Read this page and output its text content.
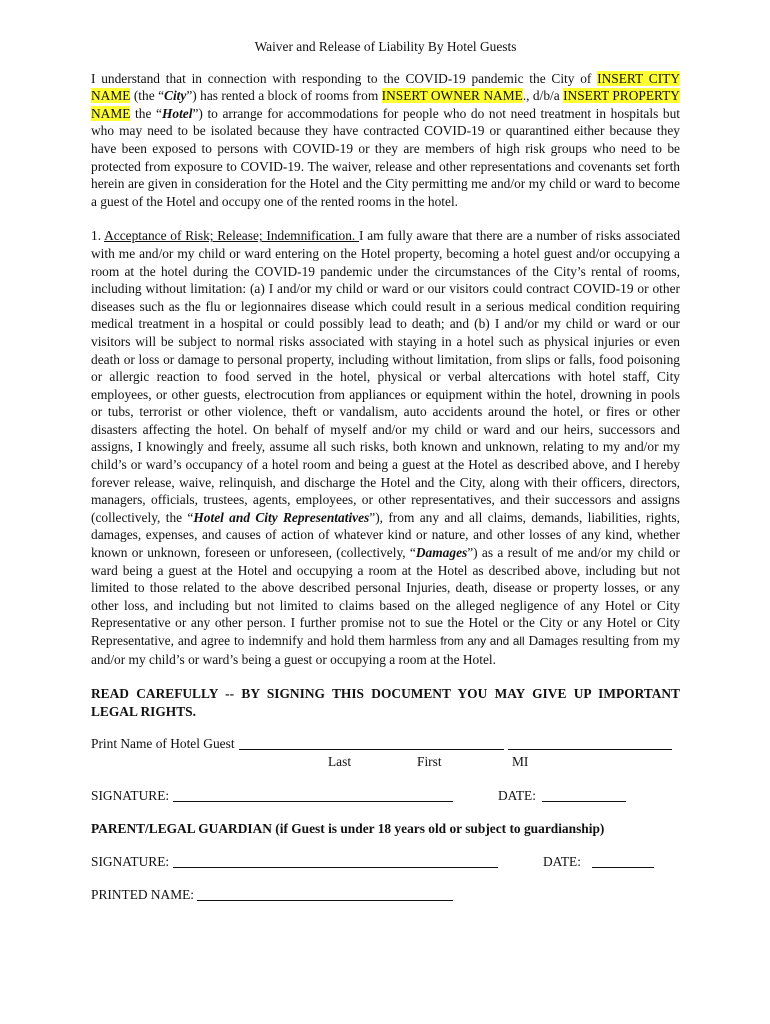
Waiver and Release of Liability By Hotel Guests

I understand that in connection with responding to the COVID-19 pandemic the City of INSERT CITY NAME (the “City”) has rented a block of rooms from INSERT OWNER NAME., d/b/a INSERT PROPERTY NAME the “Hotel”) to arrange for accommodations for people who do not need treatment in hospitals but who may need to be isolated because they have contracted COVID-19 or quarantined either because they have been exposed to persons with COVID-19 or they are members of high risk groups who need to be protected from exposure to COVID-19. The waiver, release and other representations and covenants set forth herein are given in consideration for the Hotel and the City permitting me and/or my child or ward to become a guest of the Hotel and occupy one of the rented rooms in the hotel.

1. Acceptance of Risk; Release; Indemnification. I am fully aware that there are a number of risks associated with me and/or my child or ward entering on the Hotel property, becoming a hotel guest and/or occupying a room at the hotel during the COVID-19 pandemic under the circumstances of the City’s rental of rooms, including without limitation: (a) I and/or my child or ward or our visitors could contract COVID-19 or other diseases such as the flu or legionnaires disease which could result in a serious medical condition requiring medical treatment in a hospital or could possibly lead to death; and (b) I and/or my child or ward or our visitors will be subject to normal risks associated with staying in a hotel such as physical injuries or even death or loss or damage to personal property, including without limitation, from slips or falls, food poisoning or allergic reaction to food served in the hotel, physical or verbal altercations with hotel staff, City employees, or other guests, electrocution from appliances or equipment within the hotel, drowning in pools or tubs, terrorist or other violence, theft or vandalism, auto accidents around the hotel, or fires or other disasters affecting the hotel. On behalf of myself and/or my child or ward and our heirs, successors and assigns, I knowingly and freely, assume all such risks, both known and unknown, relating to my and/or my child’s or ward’s occupancy of a hotel room and being a guest at the Hotel as described above, and I hereby forever release, waive, relinquish, and discharge the Hotel and the City, along with their officers, directors, managers, officials, trustees, agents, employees, or other representatives, and their successors and assigns (collectively, the “Hotel and City Representatives”), from any and all claims, demands, liabilities, rights, damages, expenses, and causes of action of whatever kind or nature, and other losses of any kind, whether known or unknown, foreseen or unforeseen, (collectively, “Damages”) as a result of me and/or my child or ward being a guest at the Hotel and occupying a room at the Hotel as described above, including but not limited to those related to the above described personal Injuries, death, disease or property losses, or any other loss, and including but not limited to claims based on the alleged negligence of any Hotel or City Representative or any other person. I further promise not to sue the Hotel or the City or any Hotel or City Representative, and agree to indemnify and hold them harmless from any and all Damages resulting from my and/or my child’s or ward’s being a guest or occupying a room at the Hotel.

READ CAREFULLY -- BY SIGNING THIS DOCUMENT YOU MAY GIVE UP IMPORTANT LEGAL RIGHTS.
Print Name of Hotel Guest
Last	First	MI
SIGNATURE:	DATE:
PARENT/LEGAL GUARDIAN (if Guest is under 18 years old or subject to guardianship)
SIGNATURE:	DATE:
PRINTED NAME:
